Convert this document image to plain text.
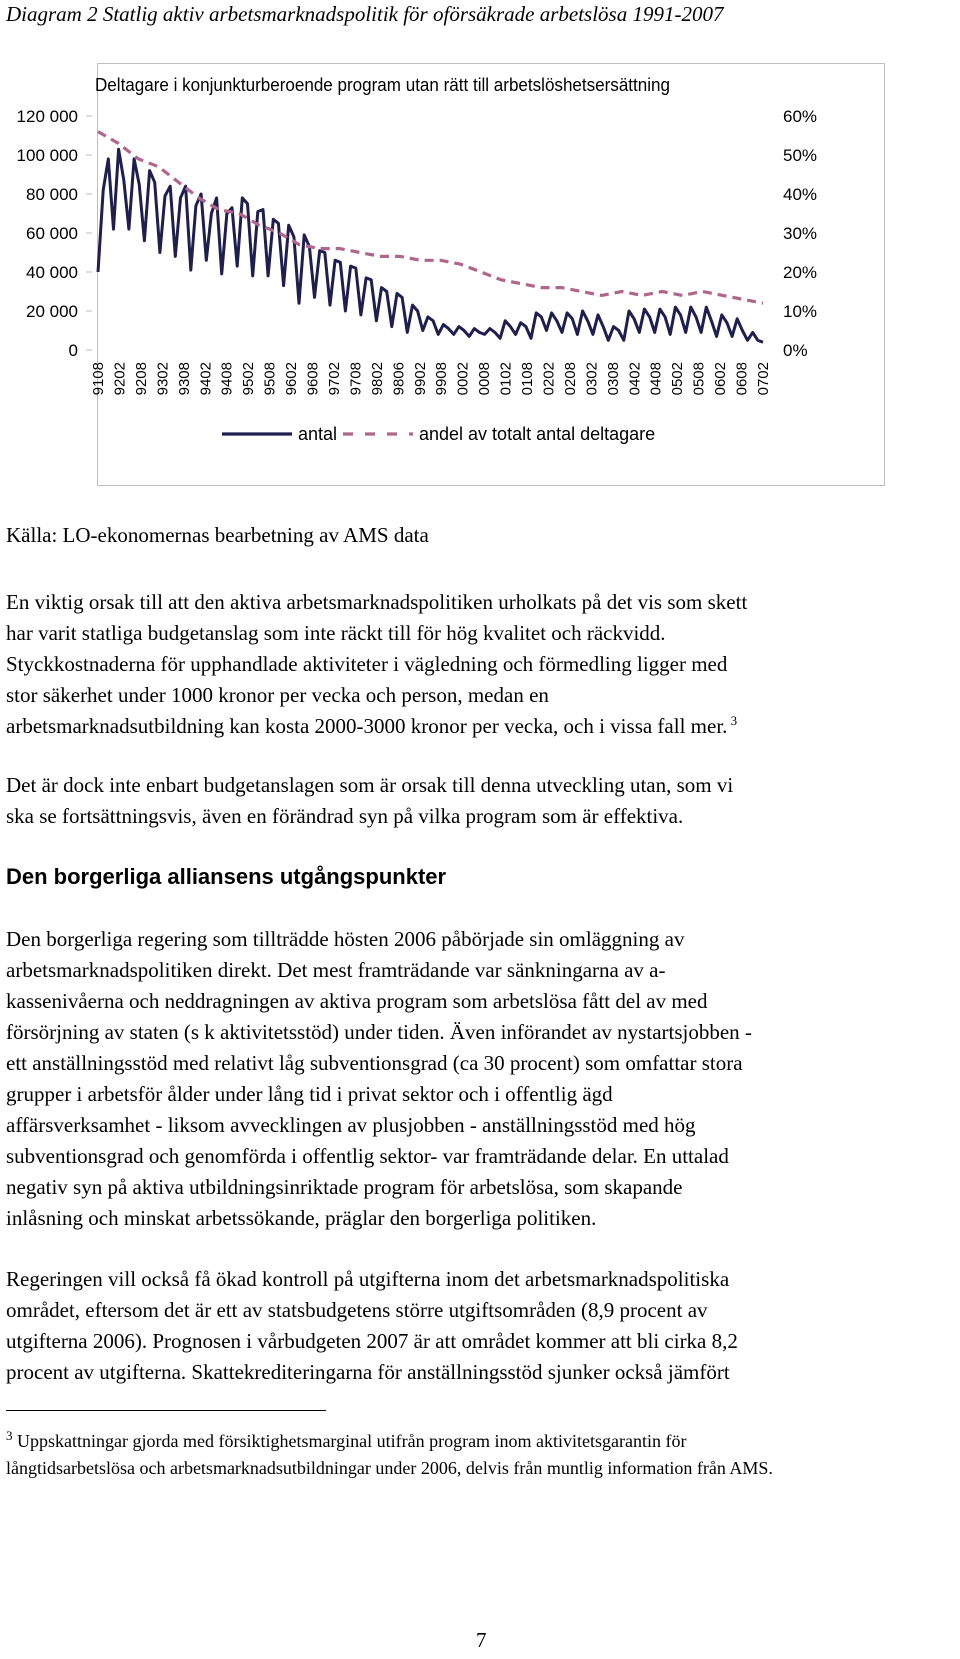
Diagram 2 Statlig aktiv arbetsmarknadspolitik för oförsäkrade arbetslösa 1991-2007
Deltagare i konjunkturberoende program utan rätt till arbetslöshetsersättning
120 000
100 000
80 000
60 000
40 000
20 000
0
60%
50%
40%
30%
20%
10%
0%
9108 9202 9208 9302 9308 9402 9408 9502 9508 9602 9608 9702 9708 9802 9806 9902 9908 0002 0008 0102 0108 0202 0208 0302 0308 0402 0408 0502 0508 0602 0608 0702
antal	andel av totalt antal deltagare
Källa: LO-ekonomernas bearbetning av AMS data
En viktig orsak till att den aktiva arbetsmarknadspolitiken urholkats på det vis som skett
har varit statliga budgetanslag som inte räckt till för hög kvalitet och räckvidd.
Styckkostnaderna för upphandlade aktiviteter i vägledning och förmedling ligger med
stor säkerhet under 1000 kronor per vecka och person, medan en
arbetsmarknadsutbildning kan kosta 2000-3000 kronor per vecka, och i vissa fall mer. $^3$
Det är dock inte enbart budgetanslagen som är orsak till denna utveckling utan, som vi
ska se fortsättningsvis, även en förändrad syn på vilka program som är effektiva.
Den borgerliga alliansens utgångspunkter
Den borgerliga regering som tillträdde hösten 2006 påbörjade sin omläggning av
arbetsmarknadspolitiken direkt. Det mest framträdande var sänkningarna av a-
kassenivåerna och neddragningen av aktiva program som arbetslösa fått del av med
försörjning av staten (s k aktivitetsstöd) under tiden. Även införandet av nystartsjobben -
ett anställningsstöd med relativt låg subventionsgrad (ca 30 procent) som omfattar stora
grupper i arbetsför ålder under lång tid i privat sektor och i offentlig ägd
affärsverksamhet - liksom avvecklingen av plusjobben - anställningsstöd med hög
subventionsgrad och genomförda i offentlig sektor- var framträdande delar. En uttalad
negativ syn på aktiva utbildningsinriktade program för arbetslösa, som skapande
inlåsning och minskat arbetssökande, präglar den borgerliga politiken.
Regeringen vill också få ökad kontroll på utgifterna inom det arbetsmarknadspolitiska
området, eftersom det är ett av statsbudgetens större utgiftsområden (8,9 procent av
utgifterna 2006). Prognosen i vårbudgeten 2007 är att området kommer att bli cirka 8,2
procent av utgifterna. Skattekrediteringarna för anställningsstöd sjunker också jämfört
$^3$ Uppskattningar gjorda med försiktighetsmarginal utifrån program inom aktivitetsgarantin för
långtidsarbetslösa och arbetsmarknadsutbildningar under 2006, delvis från muntlig information från AMS.
7
